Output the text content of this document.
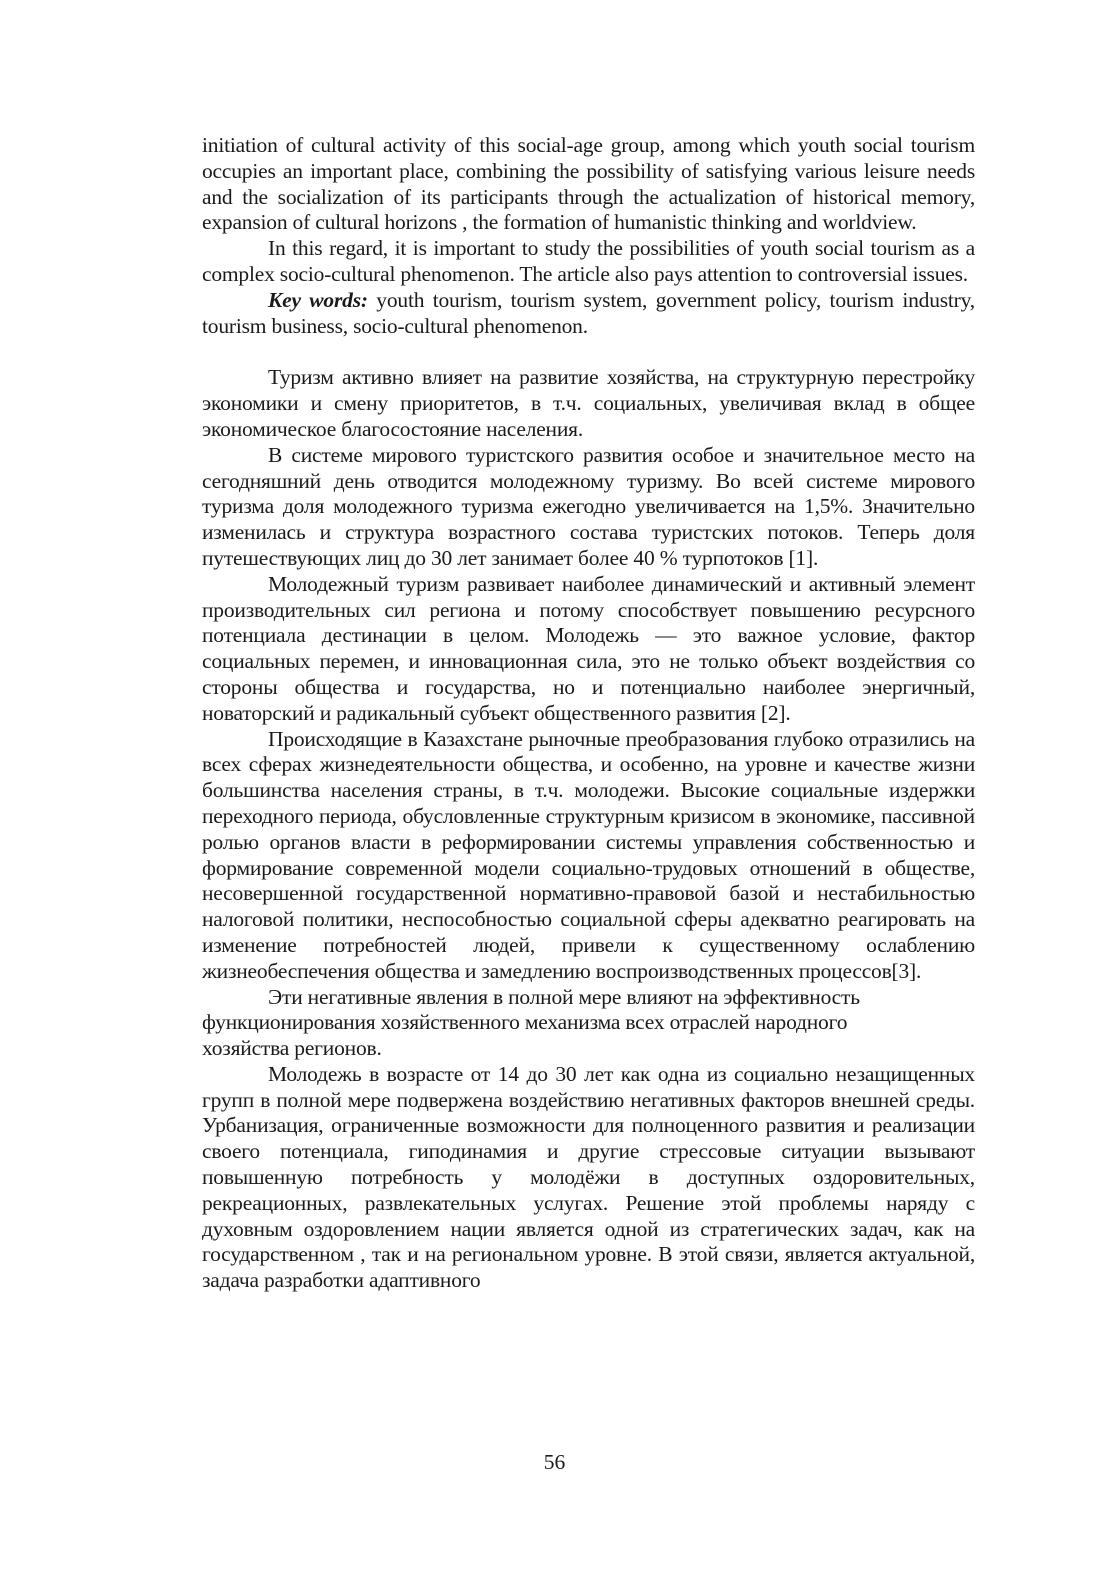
initiation of cultural activity of this social-age group, among which youth social tourism occupies an important place, combining the possibility of satisfying various leisure needs and the socialization of its participants through the actualization of historical memory, expansion of cultural horizons , the formation of humanistic thinking and worldview.

In this regard, it is important to study the possibilities of youth social tourism as a complex socio-cultural phenomenon. The article also pays attention to controversial issues.

Key words: youth tourism, tourism system, government policy, tourism industry, tourism business, socio-cultural phenomenon.

Туризм активно влияет на развитие хозяйства, на структурную перестройку экономики и смену приоритетов, в т.ч. социальных, увеличивая вклад в общее экономическое благосостояние населения.

В системе мирового туристского развития особое и значительное место на сегодняшний день отводится молодежному туризму. Во всей системе мирового туризма доля молодежного туризма ежегодно увеличивается на 1,5%. Значительно изменилась и структура возрастного состава туристских потоков. Теперь доля путешествующих лиц до 30 лет занимает более 40 % турпотоков [1].

Молодежный туризм развивает наиболее динамический и активный элемент производительных сил региона и потому способствует повышению ресурсного потенциала дестинации в целом. Молодежь — это важное условие, фактор социальных перемен, и инновационная сила, это не только объект воздействия со стороны общества и государства, но и потенциально наиболее энергичный, новаторский и радикальный субъект общественного развития [2].

Происходящие в Казахстане рыночные преобразования глубоко отразились на всех сферах жизнедеятельности общества, и особенно, на уровне и качестве жизни большинства населения страны, в т.ч. молодежи. Высокие социальные издержки переходного периода, обусловленные структурным кризисом в экономике, пассивной ролью органов власти в реформировании системы управления собственностью и формирование современной модели социально-трудовых отношений в обществе, несовершенной государственной нормативно-правовой базой и нестабильностью налоговой политики, неспособностью социальной сферы адекватно реагировать на изменение потребностей людей, привели к существенному ослаблению жизнеобеспечения общества и замедлению воспроизводственных процессов[3].

Эти негативные явления в полной мере влияют на эффективность функционирования хозяйственного механизма всех отраслей народного хозяйства регионов.

Молодежь в возрасте от 14 до 30 лет как одна из социально незащищенных групп в полной мере подвержена воздействию негативных факторов внешней среды. Урбанизация, ограниченные возможности для полноценного развития и реализации своего потенциала, гиподинамия и другие стрессовые ситуации вызывают повышенную потребность у молодёжи в доступных оздоровительных, рекреационных, развлекательных услугах. Решение этой проблемы наряду с духовным оздоровлением нации является одной из стратегических задач, как на государственном , так и на региональном уровне. В этой связи, является актуальной, задача разработки адаптивного

56
